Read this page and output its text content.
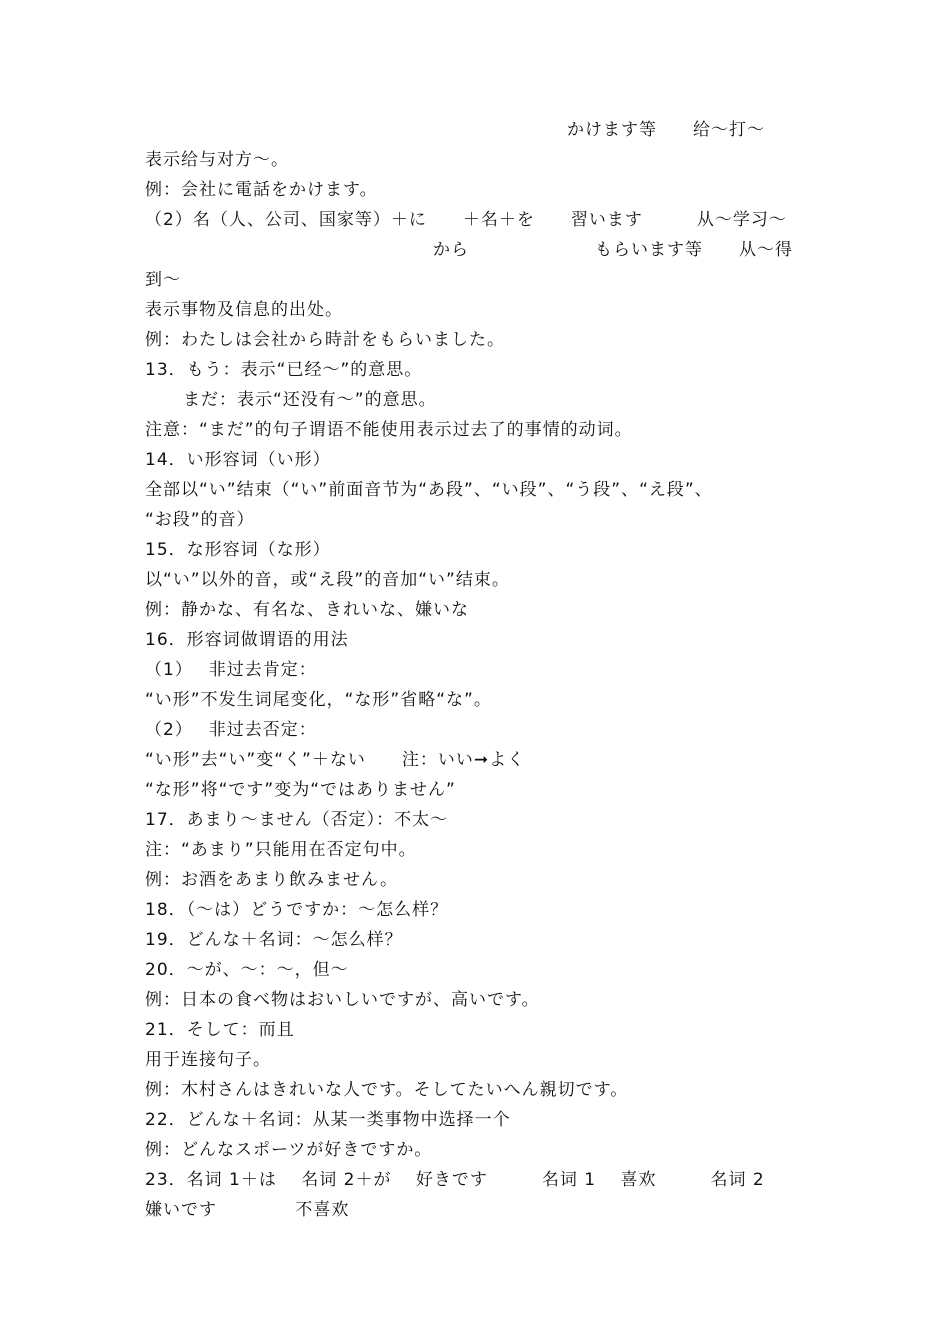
かけます等　　给～打～
表示给与对方～。
例：会社に電話をかけます。
（2）名（人、公司、国家等）＋に　　＋名＋を　　習います　　　从～学习～
から　　　　　　　もらいます等　　从～得
到～
表示事物及信息的出处。
例：わたしは会社から時計をもらいました。
13．もう：表示“已经～”的意思。
まだ：表示“还没有～”的意思。
注意：“まだ”的句子谓语不能使用表示过去了的事情的动词。
14．い形容词（い形）
全部以“い”结束（“い”前面音节为“あ段”、“い段”、“う段”、“え段”、
“お段”的音）
15．な形容词（な形）
以“い”以外的音，或“え段”的音加“い”结束。
例：静かな、有名な、きれいな、嫌いな
16．形容词做谓语的用法
（1）　 非过去肯定：
“い形”不发生词尾变化，“な形”省略“な”。
（2）　 非过去否定：
“い形”去“い”变“く”＋ない　　注：いい➞よく
“な形”将“です”变为“ではありません”
17．あまり～ません（否定）：不太～
注：“あまり”只能用在否定句中。
例：お酒をあまり飲みません。
18．（～は）どうですか：～怎么样？
19．どんな＋名词：～怎么样？
20．～が、～：～，但～
例：日本の食べ物はおいしいですが、高いです。
21．そして：而且
用于连接句子。
例：木村さんはきれいな人です。そしてたいへん親切です。
22．どんな＋名词：从某一类事物中选择一个
例：どんなスポーツが好きですか。
23．名词 1＋は　 名词 2＋が　 好きです　　　名词 1　 喜欢　　　名词 2
嫌いです　　　　 不喜欢
